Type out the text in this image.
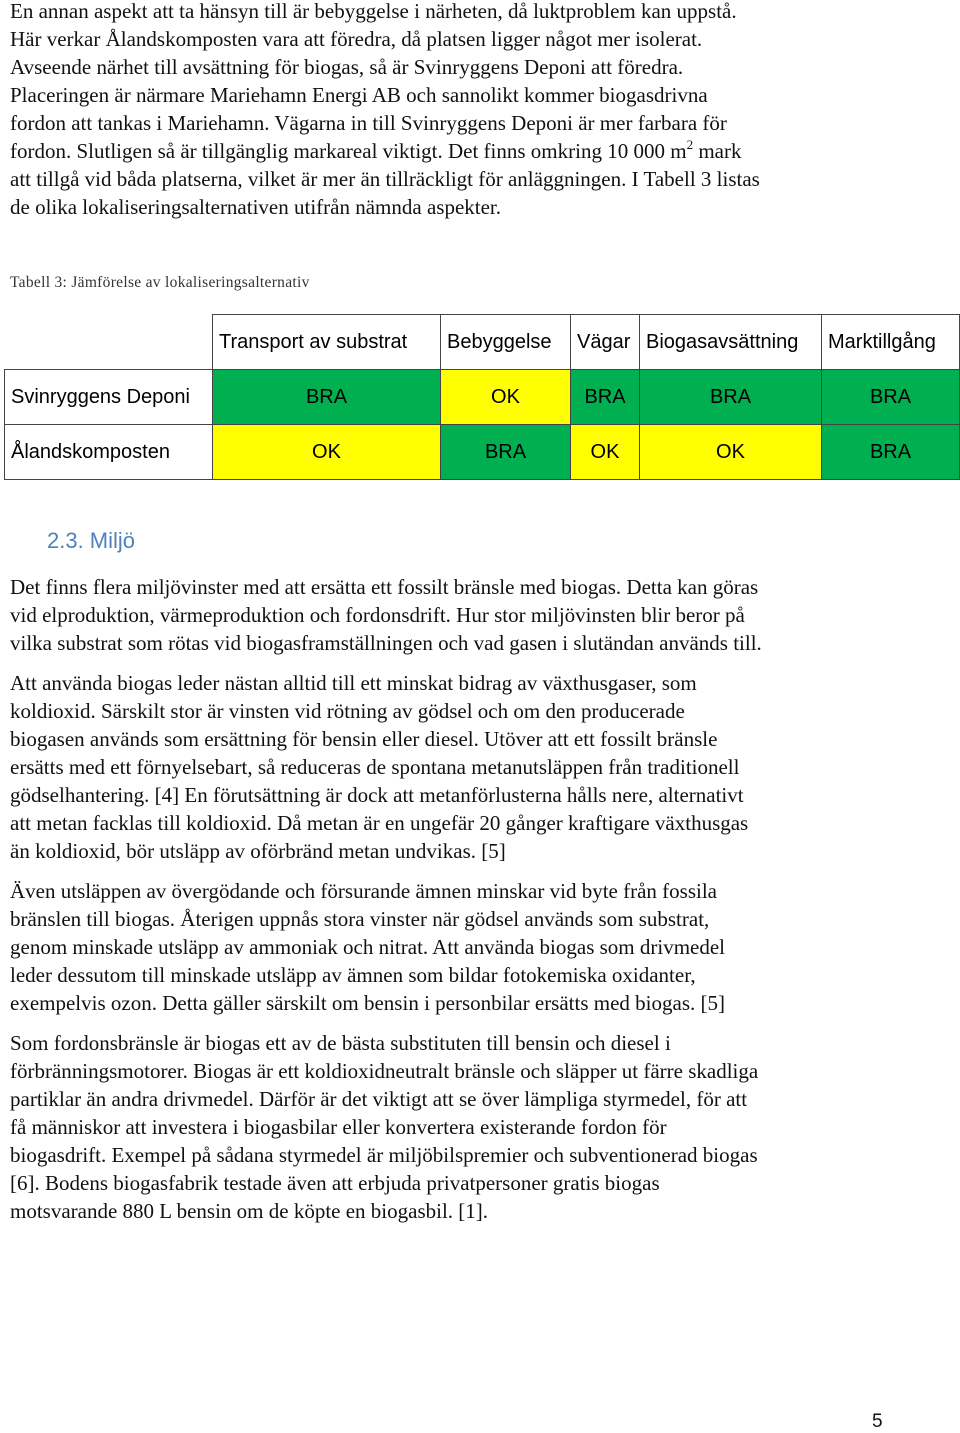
En annan aspekt att ta hänsyn till är bebyggelse i närheten, då luktproblem kan uppstå.
Här verkar Ålandskomposten vara att föredra, då platsen ligger något mer isolerat.
Avseende närhet till avsättning för biogas, så är Svinryggens Deponi att föredra.
Placeringen är närmare Mariehamn Energi AB och sannolikt kommer biogasdrivna
fordon att tankas i Mariehamn. Vägarna in till Svinryggens Deponi är mer farbara för
fordon. Slutligen så är tillgänglig markareal viktigt. Det finns omkring 10 000 $m^2$ mark
att tillgå vid båda platserna, vilket är mer än tillräckligt för anläggningen. I Tabell 3 listas
de olika lokaliseringsalternativen utifrån nämnda aspekter.
Tabell 3: Jämförelse av lokaliseringsalternativ
	Transport av substrat	Bebyggelse	Vägar	Biogasavsättning	Marktillgång
Svinryggens Deponi	BRA	OK	BRA	BRA	BRA
Ålandskomposten	OK	BRA	OK	OK	BRA
2.3. Miljö
Det finns flera miljövinster med att ersätta ett fossilt bränsle med biogas. Detta kan göras
vid elproduktion, värmeproduktion och fordonsdrift. Hur stor miljövinsten blir beror på
vilka substrat som rötas vid biogasframställningen och vad gasen i slutändan används till.
Att använda biogas leder nästan alltid till ett minskat bidrag av växthusgaser, som
koldioxid. Särskilt stor är vinsten vid rötning av gödsel och om den producerade
biogasen används som ersättning för bensin eller diesel. Utöver att ett fossilt bränsle
ersätts med ett förnyelsebart, så reduceras de spontana metanutsläppen från traditionell
gödselhantering. [4] En förutsättning är dock att metanförlusterna hålls nere, alternativt
att metan facklas till koldioxid. Då metan är en ungefär 20 gånger kraftigare växthusgas
än koldioxid, bör utsläpp av oförbränd metan undvikas. [5]
Även utsläppen av övergödande och försurande ämnen minskar vid byte från fossila
bränslen till biogas. Återigen uppnås stora vinster när gödsel används som substrat,
genom minskade utsläpp av ammoniak och nitrat. Att använda biogas som drivmedel
leder dessutom till minskade utsläpp av ämnen som bildar fotokemiska oxidanter,
exempelvis ozon. Detta gäller särskilt om bensin i personbilar ersätts med biogas. [5]
Som fordonsbränsle är biogas ett av de bästa substituten till bensin och diesel i
förbränningsmotorer. Biogas är ett koldioxidneutralt bränsle och släpper ut färre skadliga
partiklar än andra drivmedel. Därför är det viktigt att se över lämpliga styrmedel, för att
få människor att investera i biogasbilar eller konvertera existerande fordon för
biogasdrift. Exempel på sådana styrmedel är miljöbilspremier och subventionerad biogas
[6]. Bodens biogasfabrik testade även att erbjuda privatpersoner gratis biogas
motsvarande 880 L bensin om de köpte en biogasbil. [1].
5
